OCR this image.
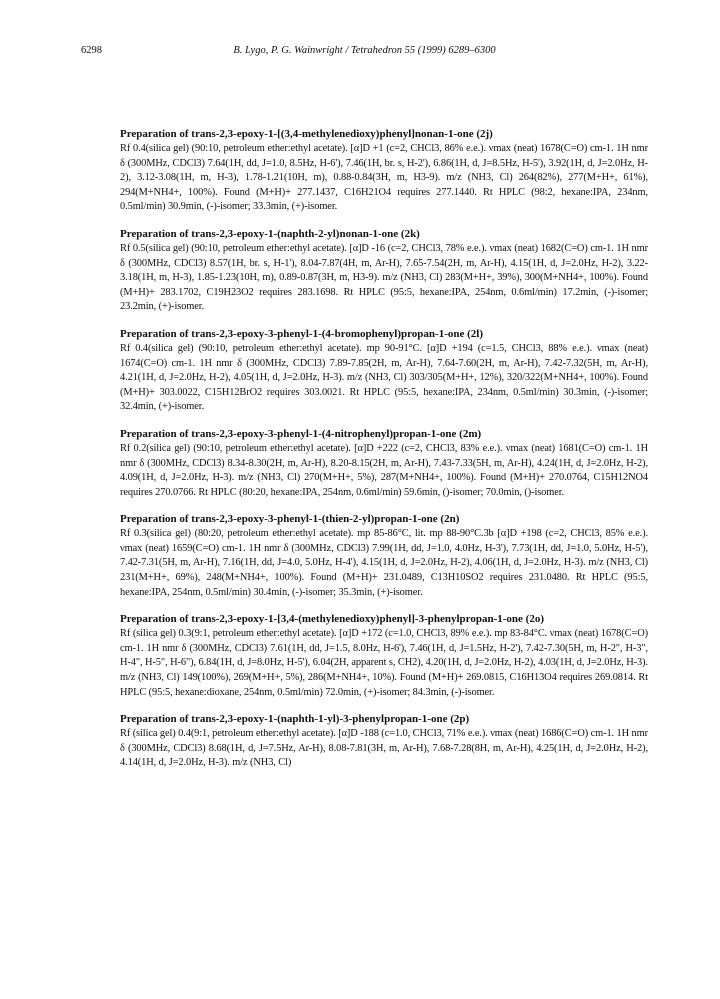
6298	B. Lygo, P. G. Wainwright / Tetrahedron 55 (1999) 6289–6300
Preparation of trans-2,3-epoxy-1-[(3,4-methylenedioxy)phenyl]nonan-1-one (2j)

Rf 0.4(silica gel) (90:10, petroleum ether:ethyl acetate). [α]D +1 (c=2, CHCl3, 86% e.e.). νmax (neat) 1678(C=O) cm-1. 1H nmr δ (300MHz, CDCl3) 7.64(1H, dd, J=1.0, 8.5Hz, H-6'), 7.46(1H, br. s, H-2'), 6.86(1H, d, J=8.5Hz, H-5'), 3.92(1H, d, J=2.0Hz, H-2), 3.12-3.08(1H, m, H-3), 1.78-1.21(10H, m), 0.88-0.84(3H, m, H3-9). m/z (NH3, Cl) 264(82%), 277(M+H+, 61%), 294(M+NH4+, 100%). Found (M+H)+ 277.1437, C16H21O4 requires 277.1440. Rt HPLC (98:2, hexane:IPA, 234nm, 0.5ml/min) 30.9min, (-)-isomer; 33.3min, (+)-isomer.

Preparation of trans-2,3-epoxy-1-(naphth-2-yl)nonan-1-one (2k)

Rf 0.5(silica gel) (90:10, petroleum ether:ethyl acetate). [α]D -16 (c=2, CHCl3, 78% e.e.). νmax (neat) 1682(C=O) cm-1. 1H nmr δ (300MHz, CDCl3) 8.57(1H, br. s, H-1'), 8.04-7.87(4H, m, Ar-H), 7.65-7.54(2H, m, Ar-H), 4.15(1H, d, J=2.0Hz, H-2), 3.22-3.18(1H, m, H-3), 1.85-1.23(10H, m), 0.89-0.87(3H, m, H3-9). m/z (NH3, Cl) 283(M+H+, 39%), 300(M+NH4+, 100%). Found (M+H)+ 283.1702, C19H23O2 requires 283.1698. Rt HPLC (95:5, hexane:IPA, 254nm, 0.6ml/min) 17.2min, (-)-isomer; 23.2min, (+)-isomer.

Preparation of trans-2,3-epoxy-3-phenyl-1-(4-bromophenyl)propan-1-one (2l)

Rf 0.4(silica gel) (90:10, petroleum ether:ethyl acetate). mp 90-91°C. [α]D +194 (c=1.5, CHCl3, 88% e.e.). νmax (neat) 1674(C=O) cm-1. 1H nmr δ (300MHz, CDCl3) 7.89-7.85(2H, m, Ar-H), 7.64-7.60(2H, m, Ar-H), 7.42-7.32(5H, m, Ar-H), 4.21(1H, d, J=2.0Hz, H-2), 4.05(1H, d, J=2.0Hz, H-3). m/z (NH3, Cl) 303/305(M+H+, 12%), 320/322(M+NH4+, 100%). Found (M+H)+ 303.0022, C15H12BrO2 requires 303.0021. Rt HPLC (95:5, hexane:IPA, 234nm, 0.5ml/min) 30.3min, (-)-isomer; 32.4min, (+)-isomer.

Preparation of trans-2,3-epoxy-3-phenyl-1-(4-nitrophenyl)propan-1-one (2m)

Rf 0.2(silica gel) (90:10, petroleum ether:ethyl acetate). [α]D +222 (c=2, CHCl3, 83% e.e.). νmax (neat) 1681(C=O) cm-1. 1H nmr δ (300MHz, CDCl3) 8.34-8.30(2H, m, Ar-H), 8.20-8.15(2H, m, Ar-H), 7.43-7.33(5H, m, Ar-H), 4.24(1H, d, J=2.0Hz, H-2), 4.09(1H, d, J=2.0Hz, H-3). m/z (NH3, Cl) 270(M+H+, 5%), 287(M+NH4+, 100%). Found (M+H)+ 270.0764, C15H12NO4 requires 270.0766. Rt HPLC (80:20, hexane:IPA, 254nm, 0.6ml/min) 59.6min, ()-isomer; 70.0min, ()-isomer.

Preparation of trans-2,3-epoxy-3-phenyl-1-(thien-2-yl)propan-1-one (2n)

Rf 0.3(silica gel) (80:20, petroleum ether:ethyl acetate). mp 85-86°C, lit. mp 88-90°C.3b [α]D +198 (c=2, CHCl3, 85% e.e.). νmax (neat) 1659(C=O) cm-1. 1H nmr δ (300MHz, CDCl3) 7.99(1H, dd, J=1.0, 4.0Hz, H-3'), 7.73(1H, dd, J=1.0, 5.0Hz, H-5'), 7.42-7.31(5H, m, Ar-H), 7.16(1H, dd, J=4.0, 5.0Hz, H-4'), 4.15(1H, d, J=2.0Hz, H-2), 4.06(1H, d, J=2.0Hz, H-3). m/z (NH3, Cl) 231(M+H+, 69%), 248(M+NH4+, 100%). Found (M+H)+ 231.0489, C13H10SO2 requires 231.0480. Rt HPLC (95:5, hexane:IPA, 254nm, 0.5ml/min) 30.4min, (-)-isomer; 35.3min, (+)-isomer.

Preparation of trans-2,3-epoxy-1-[3,4-(methylenedioxy)phenyl]-3-phenylpropan-1-one (2o)

Rf (silica gel) 0.3(9:1, petroleum ether:ethyl acetate). [α]D +172 (c=1.0, CHCl3, 89% e.e.). mp 83-84°C. νmax (neat) 1678(C=O) cm-1. 1H nmr δ (300MHz, CDCl3) 7.61(1H, dd, J=1.5, 8.0Hz, H-6'), 7.46(1H, d, J=1.5Hz, H-2'), 7.42-7.30(5H, m, H-2", H-3", H-4", H-5", H-6"), 6.84(1H, d, J=8.0Hz, H-5'), 6.04(2H, apparent s, CH2), 4.20(1H, d, J=2.0Hz, H-2), 4.03(1H, d, J=2.0Hz, H-3). m/z (NH3, Cl) 149(100%), 269(M+H+, 5%), 286(M+NH4+, 10%). Found (M+H)+ 269.0815, C16H13O4 requires 269.0814. Rt HPLC (95:5, hexane:dioxane, 254nm, 0.5ml/min) 72.0min, (+)-isomer; 84.3min, (-)-isomer.

Preparation of trans-2,3-epoxy-1-(naphth-1-yl)-3-phenylpropan-1-one (2p)

Rf (silica gel) 0.4(9:1, petroleum ether:ethyl acetate). [α]D -188 (c=1.0, CHCl3, 71% e.e.). νmax (neat) 1686(C=O) cm-1. 1H nmr δ (300MHz, CDCl3) 8.68(1H, d, J=7.5Hz, Ar-H), 8.08-7.81(3H, m, Ar-H), 7.68-7.28(8H, m, Ar-H), 4.25(1H, d, J=2.0Hz, H-2), 4.14(1H, d, J=2.0Hz, H-3). m/z (NH3, Cl)
